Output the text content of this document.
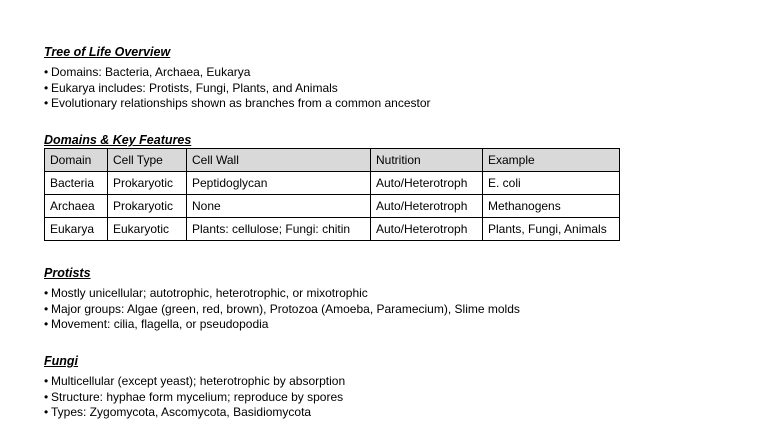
Tree of Life Overview
• Domains: Bacteria, Archaea, Eukarya
• Eukarya includes: Protists, Fungi, Plants, and Animals
• Evolutionary relationships shown as branches from a common ancestor
Domains & Key Features
Domain	Cell Type	Cell Wall	Nutrition	Example
Bacteria	Prokaryotic	Peptidoglycan	Auto/Heterotroph	E. coli
Archaea	Prokaryotic	None	Auto/Heterotroph	Methanogens
Eukarya	Eukaryotic	Plants: cellulose; Fungi: chitin	Auto/Heterotroph	Plants, Fungi, Animals
Protists
• Mostly unicellular; autotrophic, heterotrophic, or mixotrophic
• Major groups: Algae (green, red, brown), Protozoa (Amoeba, Paramecium), Slime molds
• Movement: cilia, flagella, or pseudopodia
Fungi
• Multicellular (except yeast); heterotrophic by absorption
• Structure: hyphae form mycelium; reproduce by spores
• Types: Zygomycota, Ascomycota, Basidiomycota
